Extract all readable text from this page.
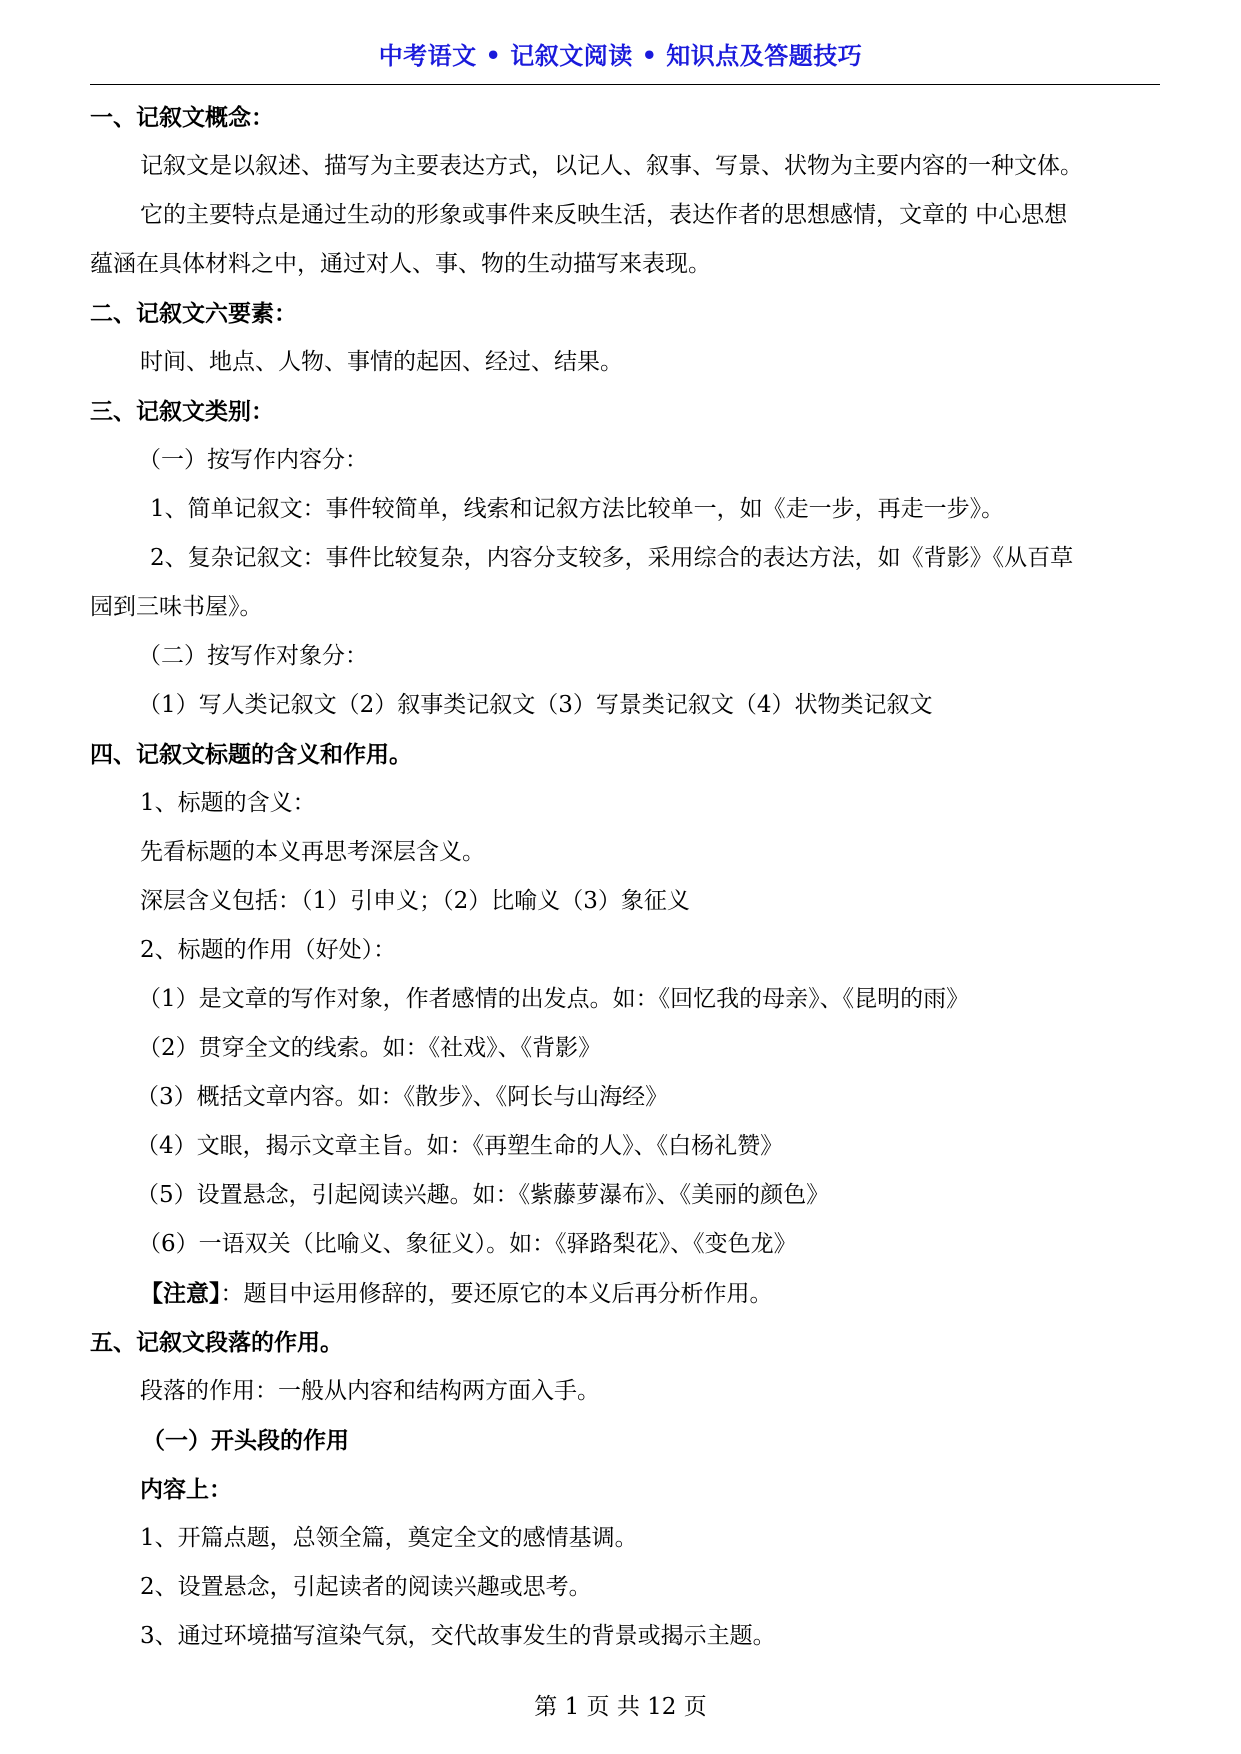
中考语文 • 记叙文阅读 • 知识点及答题技巧
一、记叙文概念：
记叙文是以叙述、描写为主要表达方式，以记人、叙事、写景、状物为主要内容的一种文体。
它的主要特点是通过生动的形象或事件来反映生活，表达作者的思想感情，文章的 中心思想
蕴涵在具体材料之中，通过对人、事、物的生动描写来表现。
二、记叙文六要素：
时间、地点、人物、事情的起因、经过、结果。
三、记叙文类别：
（一）按写作内容分：
1、简单记叙文：事件较简单，线索和记叙方法比较单一，如《走一步，再走一步》。
2、复杂记叙文：事件比较复杂，内容分支较多，采用综合的表达方法，如《背影》《从百草
园到三味书屋》。
（二）按写作对象分：
（1）写人类记叙文（2）叙事类记叙文（3）写景类记叙文（4）状物类记叙文
四、记叙文标题的含义和作用。
1、标题的含义：
先看标题的本义再思考深层含义。
深层含义包括：（1）引申义；（2）比喻义（3）象征义
2、标题的作用（好处）：
（1）是文章的写作对象，作者感情的出发点。如：《回忆我的母亲》、《昆明的雨》
（2）贯穿全文的线索。如：《社戏》、《背影》
（3）概括文章内容。如：《散步》、《阿长与山海经》
（4）文眼，揭示文章主旨。如：《再塑生命的人》、《白杨礼赞》
（5）设置悬念，引起阅读兴趣。如：《紫藤萝瀑布》、《美丽的颜色》
（6）一语双关（比喻义、象征义）。如：《驿路梨花》、《变色龙》
【注意】：题目中运用修辞的，要还原它的本义后再分析作用。
五、记叙文段落的作用。
段落的作用：一般从内容和结构两方面入手。
（一）开头段的作用
内容上：
1、开篇点题，总领全篇，奠定全文的感情基调。
2、设置悬念，引起读者的阅读兴趣或思考。
3、通过环境描写渲染气氛，交代故事发生的背景或揭示主题。
第 1 页 共 12 页
